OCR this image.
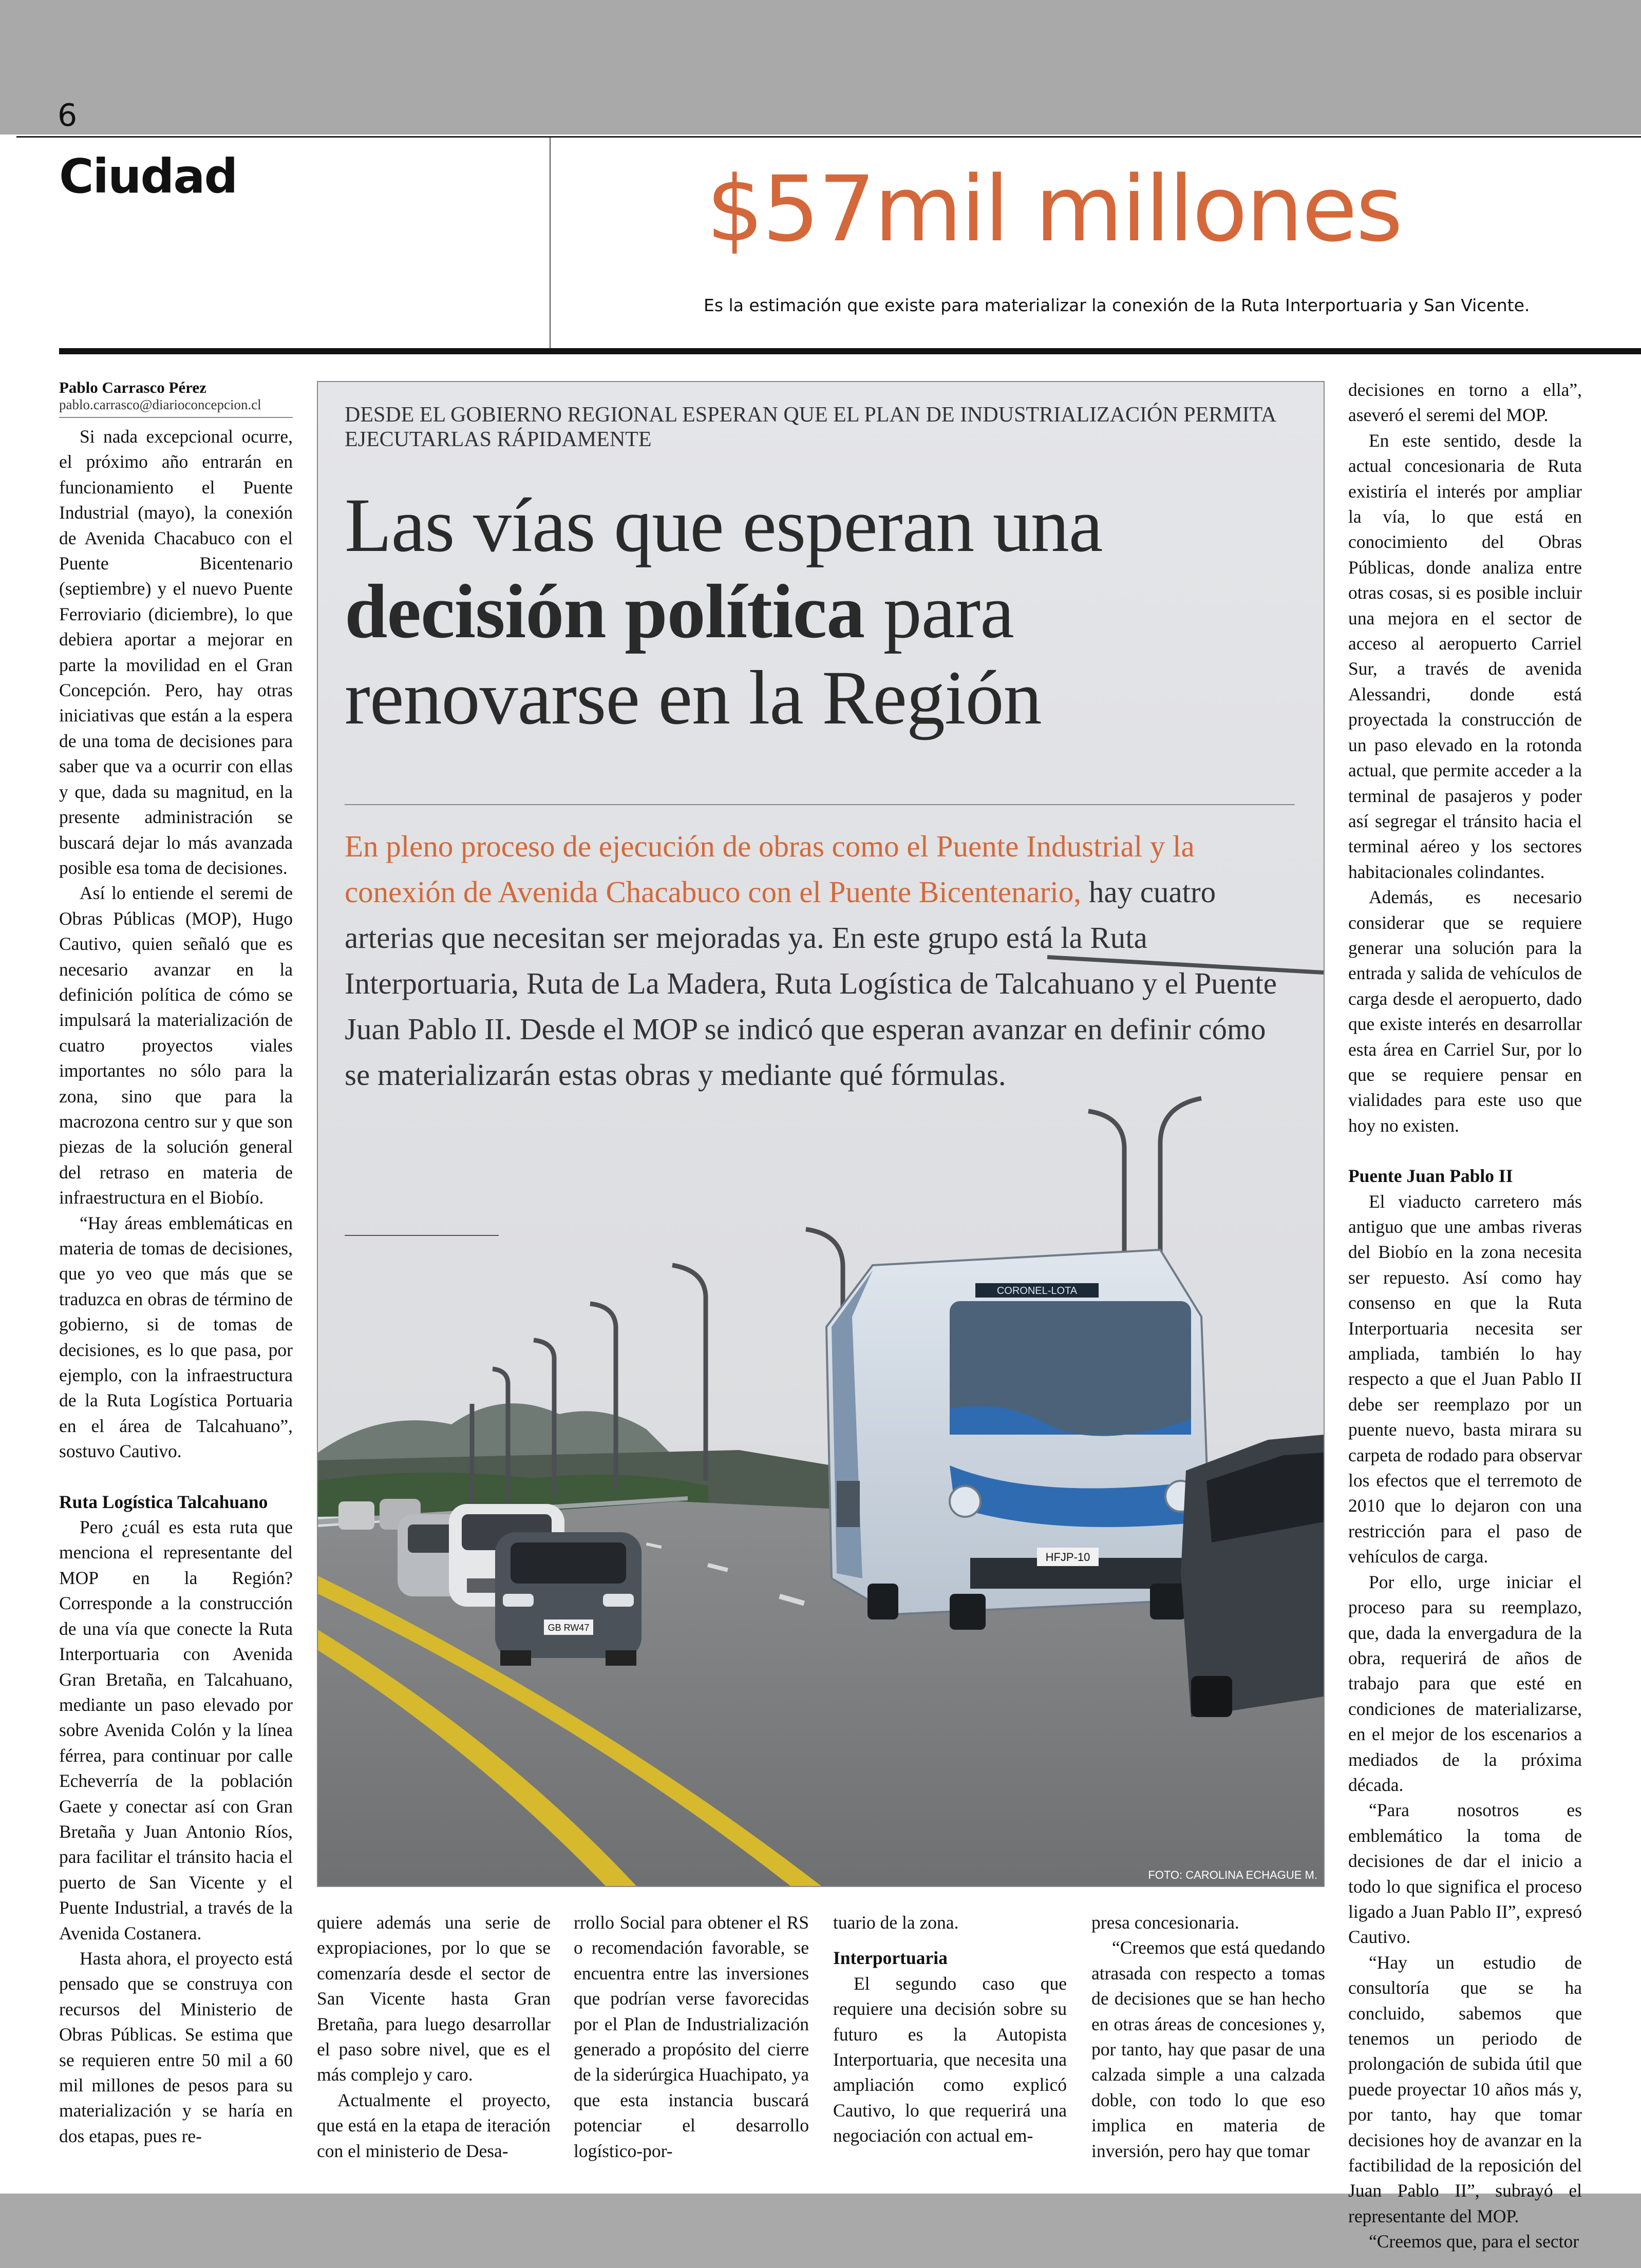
6
Ciudad	$57mil millones
Es la estimación que existe para materializar la conexión de la Ruta Interportuaria y San Vicente.
Pablo Carrasco Pérez
pablo.carrasco@diarioconcepcion.cl

Si nada excepcional ocurre, el próximo año entrarán en funcionamiento el Puente Industrial (mayo), la conexión de Avenida Chacabuco con el Puente Bicentenario (septiembre) y el nuevo Puente Ferroviario (diciembre), lo que debiera aportar a mejorar en parte la movilidad en el Gran Concepción. Pero, hay otras iniciativas que están a la espera de una toma de decisiones para saber que va a ocurrir con ellas y que, dada su magnitud, en la presente administración se buscará dejar lo más avanzada posible esa toma de decisiones.

Así lo entiende el seremi de Obras Públicas (MOP), Hugo Cautivo, quien señaló que es necesario avanzar en la definición política de cómo se impulsará la materialización de cuatro proyectos viales importantes no sólo para la zona, sino que para la macrozona centro sur y que son piezas de la solución general del retraso en materia de infraestructura en el Biobío.

“Hay áreas emblemáticas en materia de tomas de decisiones, que yo veo que más que se traduzca en obras de término de gobierno, si de tomas de decisiones, es lo que pasa, por ejemplo, con la infraestructura de la Ruta Logística Portuaria en el área de Talcahuano”, sostuvo Cautivo.

Ruta Logística Talcahuano

Pero ¿cuál es esta ruta que menciona el representante del MOP en la Región? Corresponde a la construcción de una vía que conecte la Ruta Interportuaria con Avenida Gran Bretaña, en Talcahuano, mediante un paso elevado por sobre Avenida Colón y la línea férrea, para continuar por calle Echeverría de la población Gaete y conectar así con Gran Bretaña y Juan Antonio Ríos, para facilitar el tránsito hacia el puerto de San Vicente y el Puente Industrial, a través de la Avenida Costanera.

Hasta ahora, el proyecto está pensado que se construya con recursos del Ministerio de Obras Públicas. Se estima que se requieren entre 50 mil a 60 mil millones de pesos para su materialización y se haría en dos etapas, pues re-

GB RW47
CORONEL-LOTA
HFJP-10
DESDE EL GOBIERNO REGIONAL ESPERAN QUE EL PLAN DE INDUSTRIALIZACIÓN PERMITA EJECUTARLAS RÁPIDAMENTE
Las vías que esperan una
decisión política para renovarse en la Región
En pleno proceso de ejecución de obras como el Puente Industrial y la conexión de Avenida Chacabuco con el Puente Bicentenario, hay cuatro arterias que necesitan ser mejoradas ya. En este grupo está la Ruta Interportuaria, Ruta de La Madera, Ruta Logística de Talcahuano y el Puente Juan Pablo II. Desde el MOP se indicó que esperan avanzar en definir cómo se materializarán estas obras y mediante qué fórmulas.
FOTO: CAROLINA ECHAGUE M.

quiere además una serie de expropiaciones, por lo que se comenzaría desde el sector de San Vicente hasta Gran Bretaña, para luego desarrollar el paso sobre nivel, que es el más complejo y caro.

Actualmente el proyecto, que está en la etapa de iteración con el ministerio de Desa-

rrollo Social para obtener el RS o recomendación favorable, se encuentra entre las inversiones que podrían verse favorecidas por el Plan de Industrialización generado a propósito del cierre de la siderúrgica Huachipato, ya que esta instancia buscará potenciar el desarrollo logístico-por-

tuario de la zona.

Interportuaria

El segundo caso que requiere una decisión sobre su futuro es la Autopista Interportuaria, que necesita una ampliación como explicó Cautivo, lo que requerirá una negociación con actual em-

presa concesionaria.

“Creemos que está quedando atrasada con respecto a tomas de decisiones que se han hecho en otras áreas de concesiones y, por tanto, hay que pasar de una calzada simple a una calzada doble, con todo lo que eso implica en materia de inversión, pero hay que tomar

decisiones en torno a ella”, aseveró el seremi del MOP.

En este sentido, desde la actual concesionaria de Ruta existiría el interés por ampliar la vía, lo que está en conocimiento del Obras Públicas, donde analiza entre otras cosas, si es posible incluir una mejora en el sector de acceso al aeropuerto Carriel Sur, a través de avenida Alessandri, donde está proyectada la construcción de un paso elevado en la rotonda actual, que permite acceder a la terminal de pasajeros y poder así segregar el tránsito hacia el terminal aéreo y los sectores habitacionales colindantes.

Además, es necesario considerar que se requiere generar una solución para la entrada y salida de vehículos de carga desde el aeropuerto, dado que existe interés en desarrollar esta área en Carriel Sur, por lo que se requiere pensar en vialidades para este uso que hoy no existen.

Puente Juan Pablo II

El viaducto carretero más antiguo que une ambas riveras del Biobío en la zona necesita ser repuesto. Así como hay consenso en que la Ruta Interportuaria necesita ser ampliada, también lo hay respecto a que el Juan Pablo II debe ser reemplazo por un puente nuevo, basta mirara su carpeta de rodado para observar los efectos que el terremoto de 2010 que lo dejaron con una restricción para el paso de vehículos de carga.

Por ello, urge iniciar el proceso para su reemplazo, que, dada la envergadura de la obra, requerirá de años de trabajo para que esté en condiciones de materializarse, en el mejor de los escenarios a mediados de la próxima década.

“Para nosotros es emblemático la toma de decisiones de dar el inicio a todo lo que significa el proceso ligado a Juan Pablo II”, expresó Cautivo.

“Hay un estudio de consultoría que se ha concluido, sabemos que tenemos un periodo de prolongación de subida útil que puede proyectar 10 años más y, por tanto, hay que tomar decisiones hoy de avanzar en la factibilidad de la reposición del Juan Pablo II”, subrayó el representante del MOP.

“Creemos que, para el sector
